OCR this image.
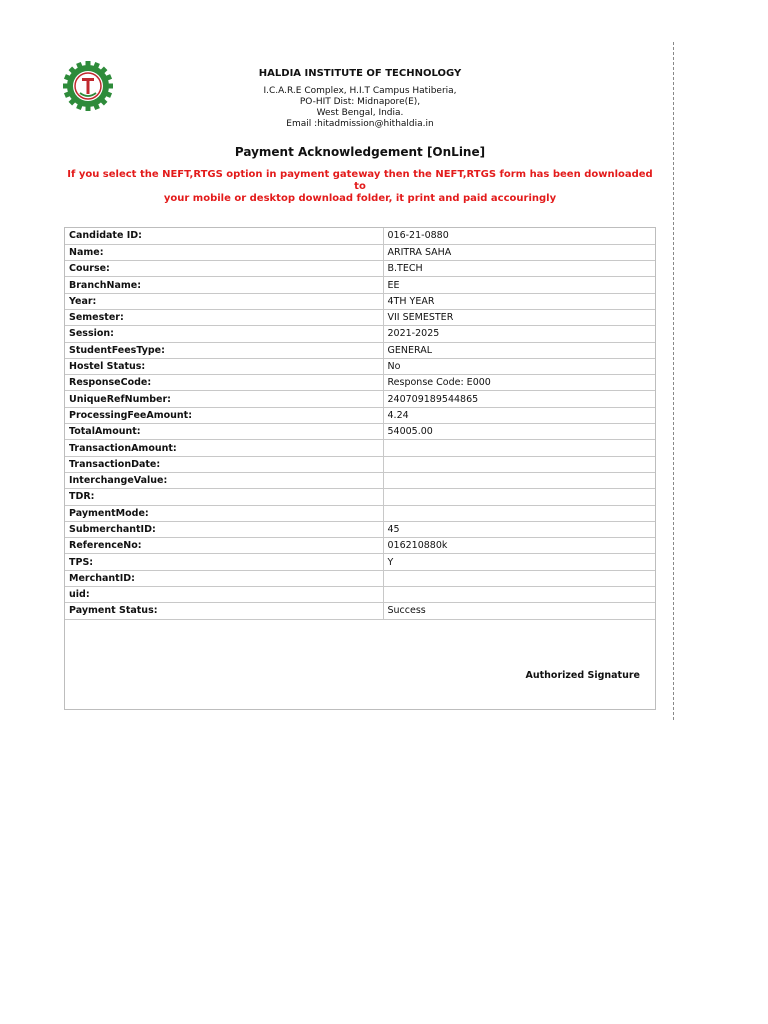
HALDIA INSTITUTE OF TECHNOLOGY
I.C.A.R.E Complex, H.I.T Campus Hatiberia,
PO-HIT Dist: Midnapore(E),
West Bengal, India.
Email :hitadmission@hithaldia.in
Payment Acknowledgement [OnLine]
If you select the NEFT,RTGS option in payment gateway then the NEFT,RTGS form has been downloaded to
your mobile or desktop download folder, it print and paid accouringly
Candidate ID:	016-21-0880
Name:	ARITRA SAHA
Course:	B.TECH
BranchName:	EE
Year:	4TH YEAR
Semester:	VII SEMESTER
Session:	2021-2025
StudentFeesType:	GENERAL
Hostel Status:	No
ResponseCode:	Response Code: E000
UniqueRefNumber:	240709189544865
ProcessingFeeAmount:	4.24
TotalAmount:	54005.00
TransactionAmount:	
TransactionDate:	
InterchangeValue:	
TDR:	
PaymentMode:	
SubmerchantID:	45
ReferenceNo:	016210880k
TPS:	Y
MerchantID:	
uid:	
Payment Status:	Success
Authorized Signature
